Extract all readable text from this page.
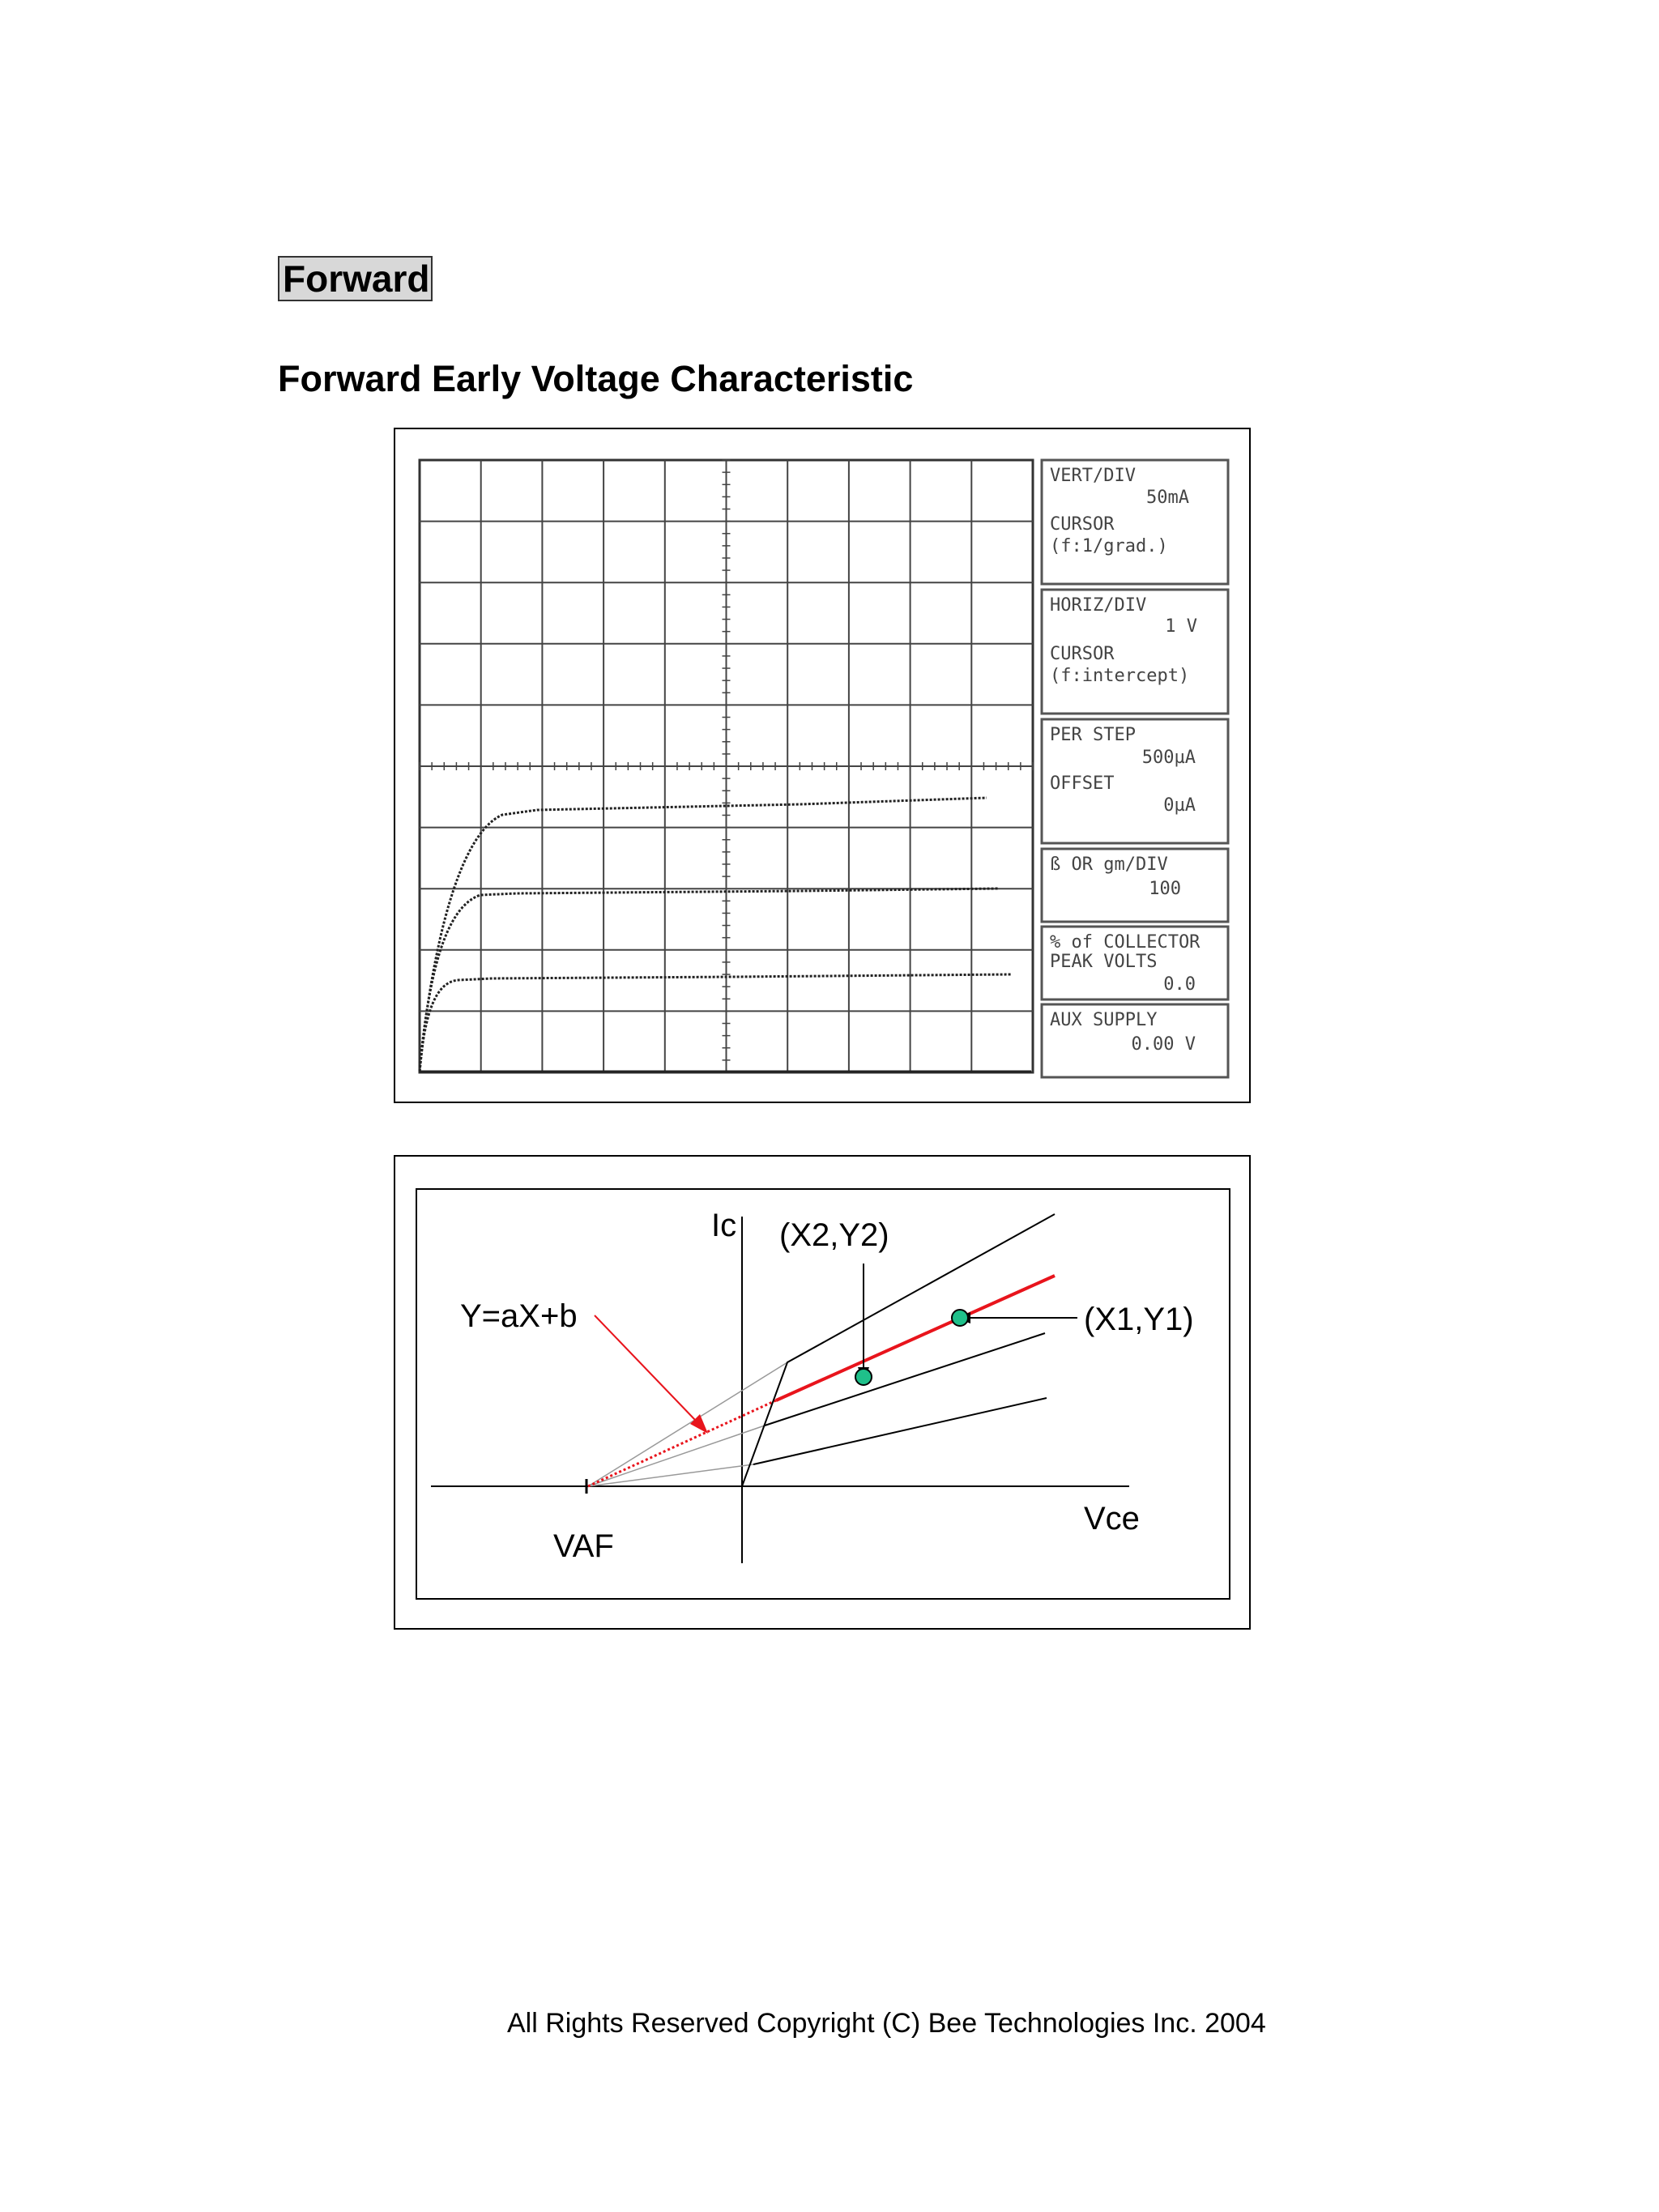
Forward
Forward Early Voltage Characteristic
VERT/DIV
50mA
CURSOR
(f:1/grad.)
HORIZ/DIV
1 V
CURSOR
(f:intercept)
PER STEP
500µA
OFFSET
0µA
ß OR gm/DIV
100
% of COLLECTOR
PEAK VOLTS
0.0
AUX SUPPLY
0.00 V
Ic (X2,Y2)
Y=aX+b	(X1,Y1)
Vce
VAF
All Rights Reserved Copyright (C) Bee Technologies Inc. 2004
